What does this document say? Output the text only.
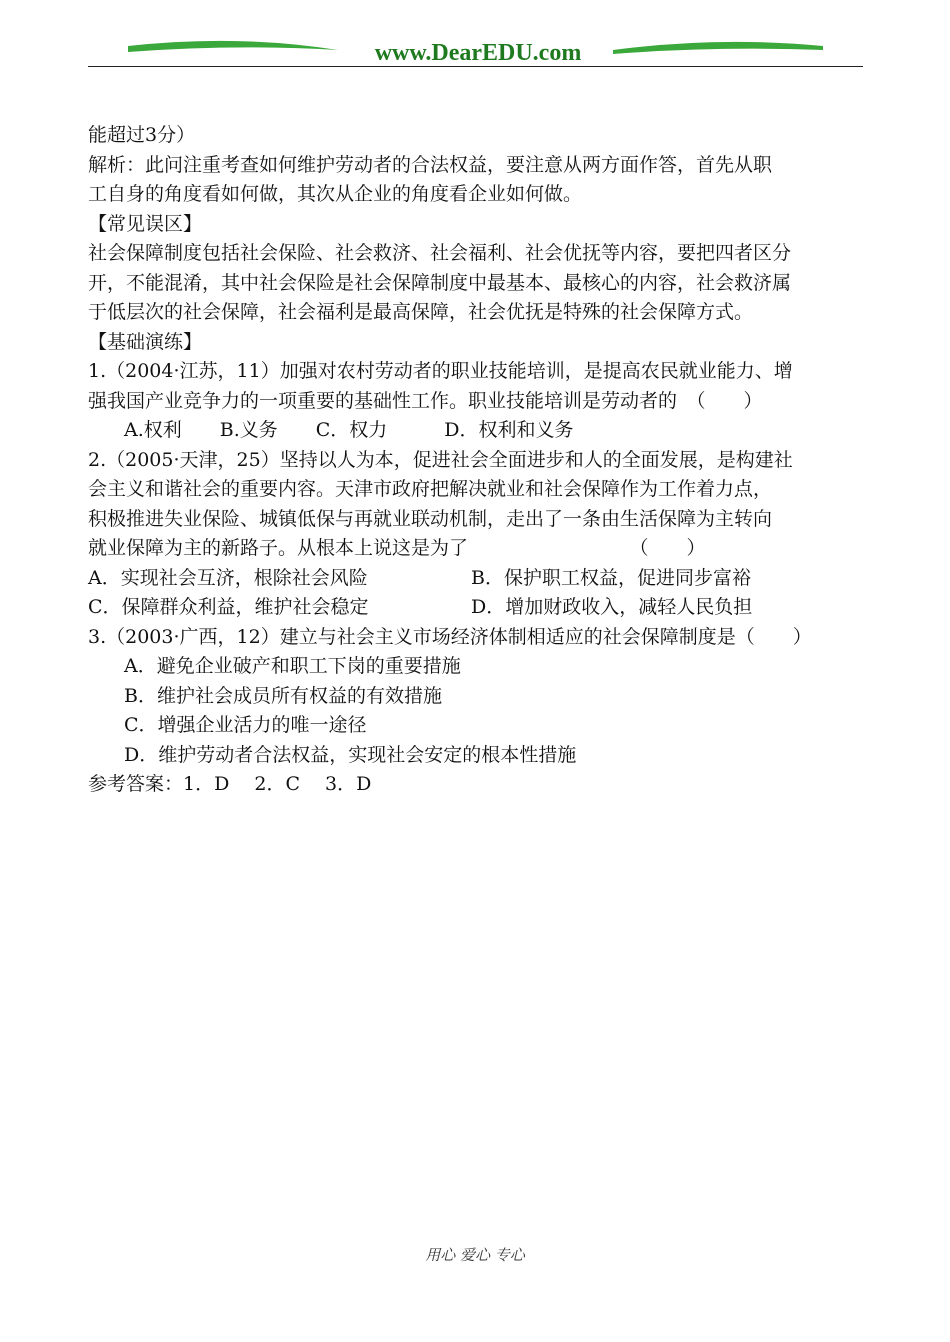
www.DearEDU.com
能超过3分）
解析：此问注重考查如何维护劳动者的合法权益，要注意从两方面作答，首先从职
工自身的角度看如何做，其次从企业的角度看企业如何做。
【常见误区】
社会保障制度包括社会保险、社会救济、社会福利、社会优抚等内容，要把四者区分
开，不能混淆，其中社会保险是社会保障制度中最基本、最核心的内容，社会救济属
于低层次的社会保障，社会福利是最高保障，社会优抚是特殊的社会保障方式。
【基础演练】
1.（2004·江苏，11）加强对农村劳动者的职业技能培训，是提高农民就业能力、增
强我国产业竞争力的一项重要的基础性工作。职业技能培训是劳动者的　（　　）
A.权利　　B.义务　　C．权力　　　D．权利和义务
2.（2005·天津，25）坚持以人为本，促进社会全面进步和人的全面发展，是构建社
会主义和谐社会的重要内容。天津市政府把解决就业和社会保障作为工作着力点，
积极推进失业保险、城镇低保与再就业联动机制，走出了一条由生活保障为主转向
就业保障为主的新路子。从根本上说这是为了　　　　　　　　　（　　）
A．实现社会互济，根除社会风险	B．保护职工权益，促进同步富裕
C．保障群众利益，维护社会稳定	D．增加财政收入，减轻人民负担
3.（2003·广西，12）建立与社会主义市场经济体制相适应的社会保障制度是（　　）
A．避免企业破产和职工下岗的重要措施
B．维护社会成员所有权益的有效措施
C．增强企业活力的唯一途径
D．维护劳动者合法权益，实现社会安定的根本性措施
参考答案：1．D　 2．C　 3．D
用心 爱心 专心
